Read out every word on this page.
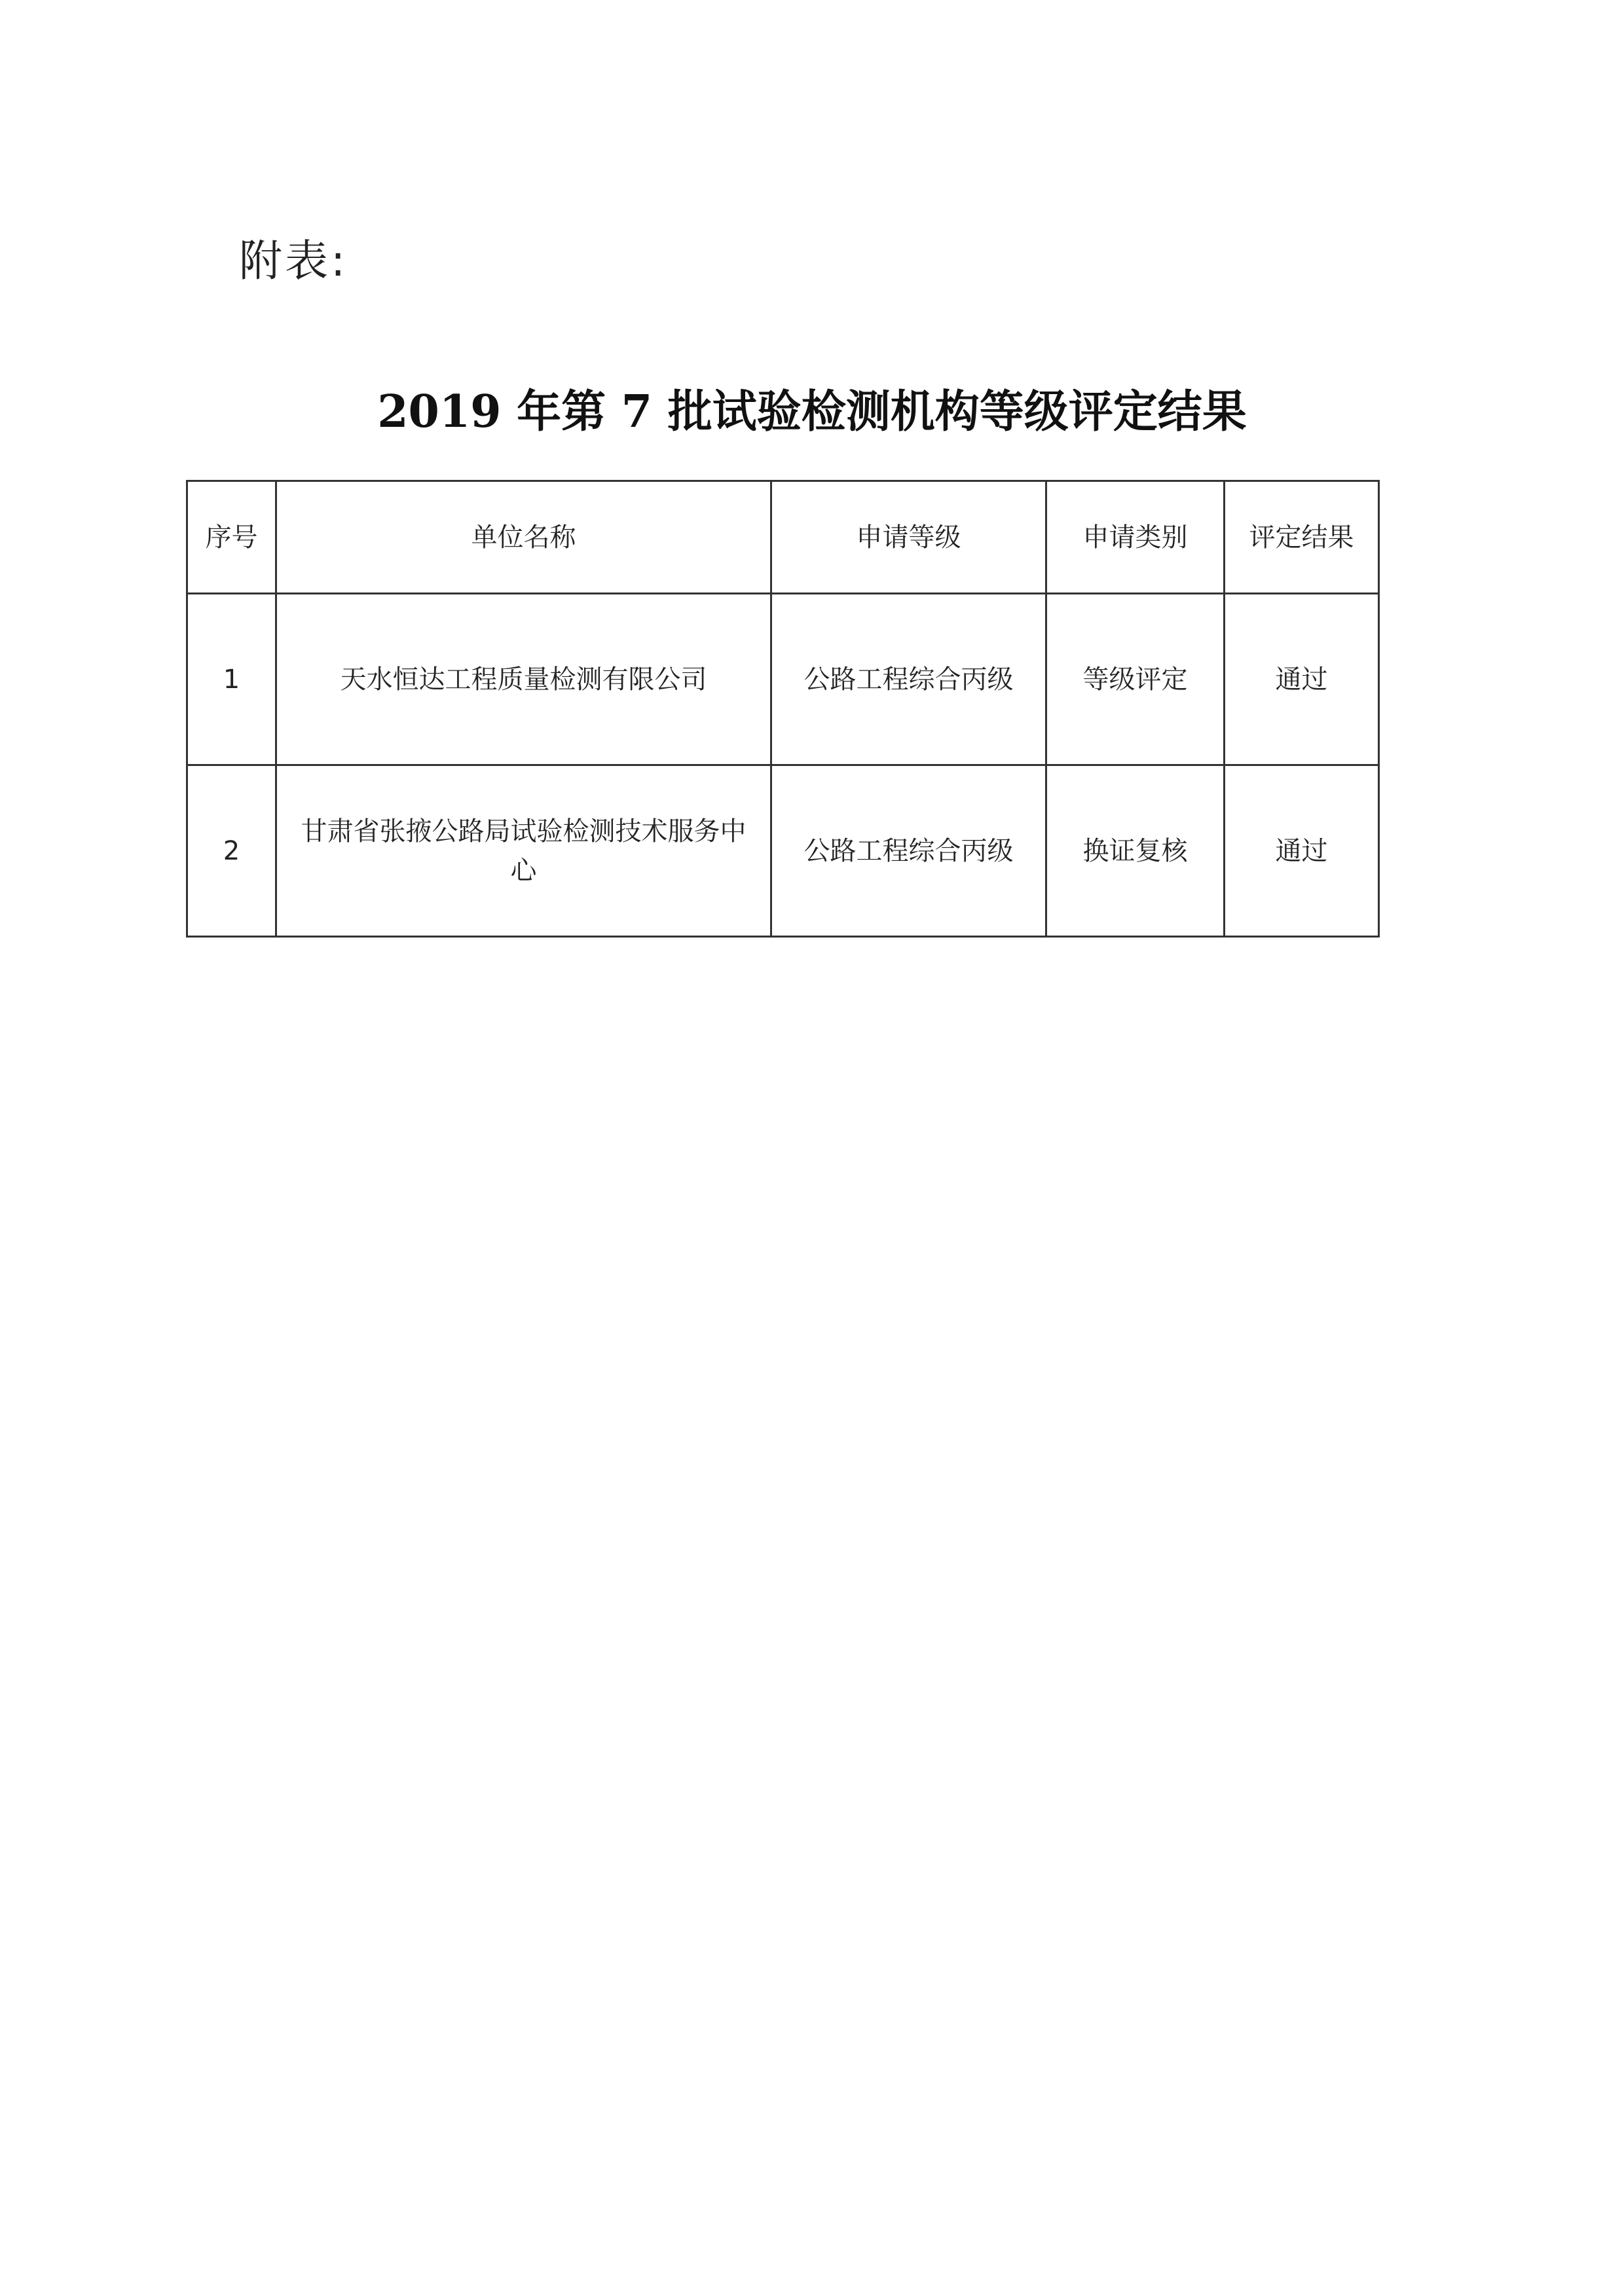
附表:
2019 年第 7 批试验检测机构等级评定结果
序号	单位名称	申请等级	申请类别	评定结果
1	天水恒达工程质量检测有限公司	公路工程综合丙级	等级评定	通过
2	甘肃省张掖公路局试验检测技术服务中心	公路工程综合丙级	换证复核	通过
